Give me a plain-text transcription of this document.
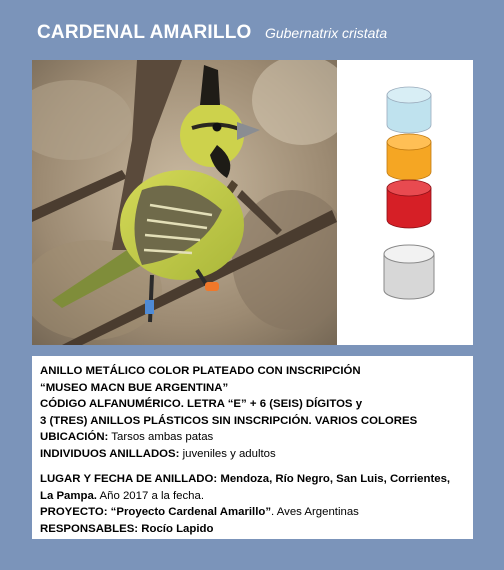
CARDENAL AMARILLO Gubernatrix cristata
ANILLO METÁLICO COLOR PLATEADO CON INSCRIPCIÓN
“MUSEO MACN BUE ARGENTINA”
CÓDIGO ALFANUMÉRICO. LETRA “E” + 6 (SEIS) DÍGITOS y
3 (TRES) ANILLOS PLÁSTICOS SIN INSCRIPCIÓN. VARIOS COLORES
UBICACIÓN: Tarsos ambas patas
INDIVIDUOS ANILLADOS: juveniles y adultos
LUGAR Y FECHA DE ANILLADO: Mendoza, Río Negro, San Luis, Corrientes, La Pampa. Año 2017 a la fecha.
PROYECTO: “Proyecto Cardenal Amarillo”. Aves Argentinas
RESPONSABLES: Rocío Lapido
